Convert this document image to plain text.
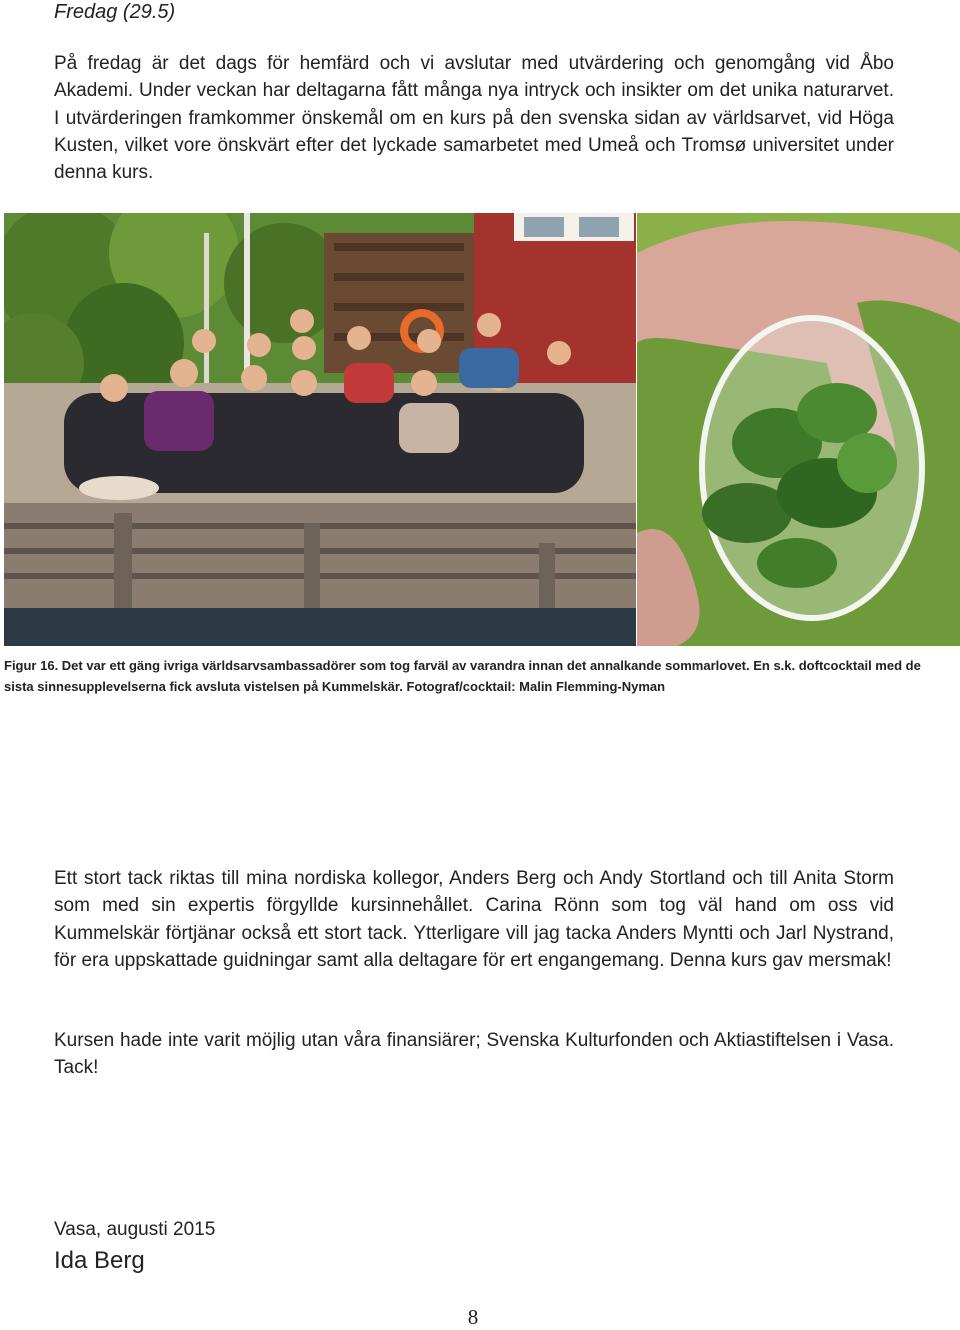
Fredag (29.5)
På fredag är det dags för hemfärd och vi avslutar med utvärdering och genomgång vid Åbo Akademi. Under veckan har deltagarna fått många nya intryck och insikter om det unika naturarvet. I utvärderingen framkommer önskemål om en kurs på den svenska sidan av världsarvet, vid Höga Kusten, vilket vore önskvärt efter det lyckade samarbetet med Umeå och Tromsø universitet under denna kurs.
Figur 16. Det var ett gäng ivriga världsarvsambassadörer som tog farväl av varandra innan det annalkande sommarlovet. En s.k. doftcocktail med de sista sinnesupplevelserna fick avsluta vistelsen på Kummelskär. Fotograf/cocktail: Malin Flemming-Nyman
Ett stort tack riktas till mina nordiska kollegor, Anders Berg och Andy Stortland och till Anita Storm som med sin expertis förgyllde kursinnehållet. Carina Rönn som tog väl hand om oss vid Kummelskär förtjänar också ett stort tack. Ytterligare vill jag tacka Anders Myntti och Jarl Nystrand, för era uppskattade guidningar samt alla deltagare för ert engangemang. Denna kurs gav mersmak!
Kursen hade inte varit möjlig utan våra finansiärer; Svenska Kulturfonden och Aktiastiftelsen i Vasa. Tack!
Vasa, augusti 2015
Ida Berg
8
